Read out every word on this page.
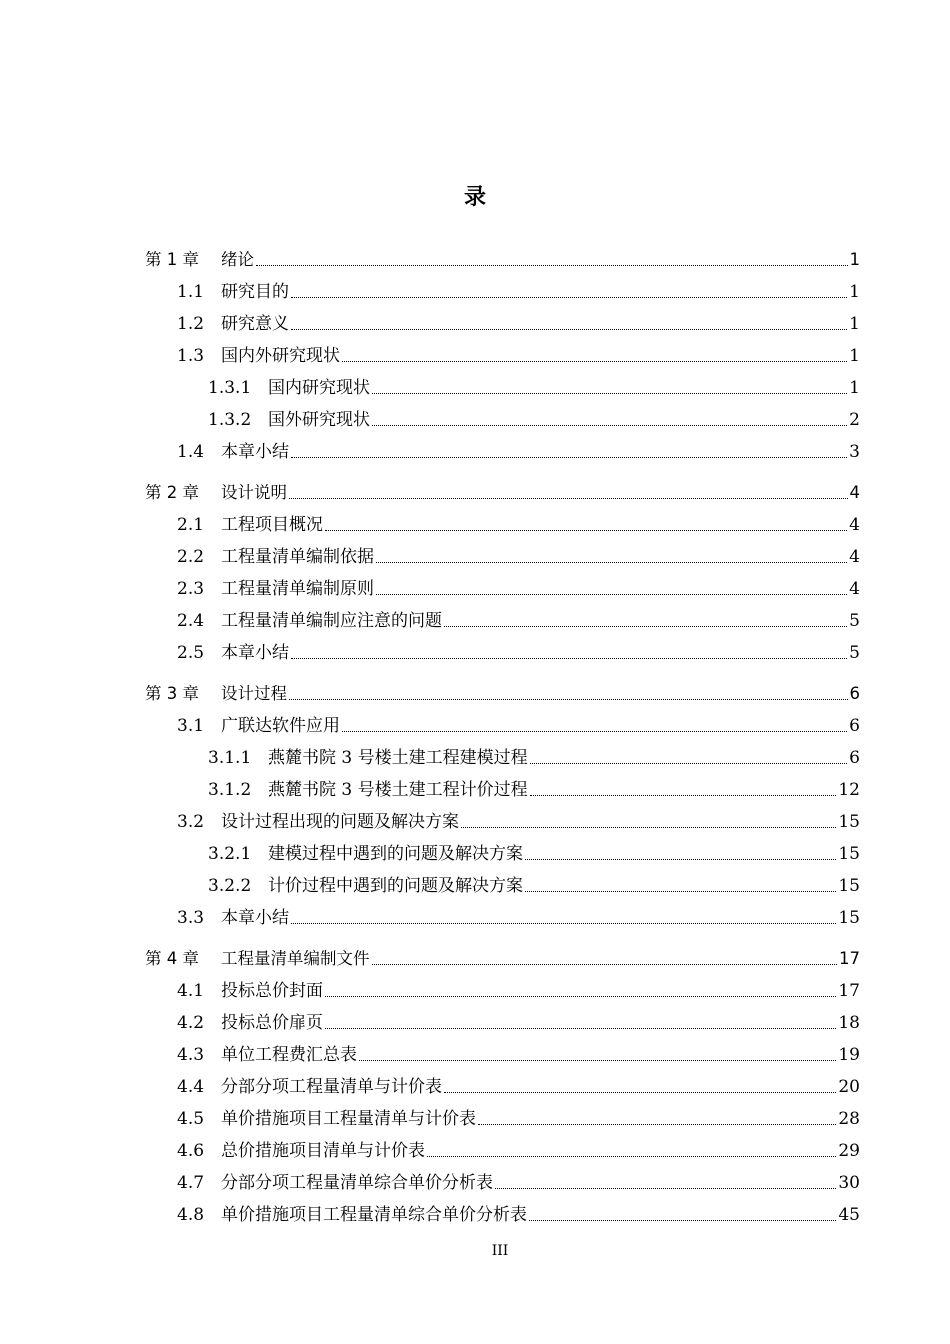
录
第 1 章	绪论	1
1.1 研究目的	1
1.2 研究意义	1
1.3 国内外研究现状	1
1.3.1 国内研究现状	1
1.3.2 国外研究现状	2
1.4 本章小结	3
第 2 章	设计说明	4
2.1 工程项目概况	4
2.2 工程量清单编制依据	4
2.3 工程量清单编制原则	4
2.4 工程量清单编制应注意的问题	5
2.5 本章小结	5
第 3 章	设计过程	6
3.1 广联达软件应用	6
3.1.1 燕麓书院 3 号楼土建工程建模过程	6
3.1.2 燕麓书院 3 号楼土建工程计价过程	12
3.2 设计过程出现的问题及解决方案	15
3.2.1 建模过程中遇到的问题及解决方案	15
3.2.2 计价过程中遇到的问题及解决方案	15
3.3 本章小结	15
第 4 章	工程量清单编制文件	17
4.1 投标总价封面	17
4.2 投标总价扉页	18
4.3 单位工程费汇总表	19
4.4 分部分项工程量清单与计价表	20
4.5 单价措施项目工程量清单与计价表	28
4.6 总价措施项目清单与计价表	29
4.7 分部分项工程量清单综合单价分析表	30
4.8 单价措施项目工程量清单综合单价分析表	45
III
